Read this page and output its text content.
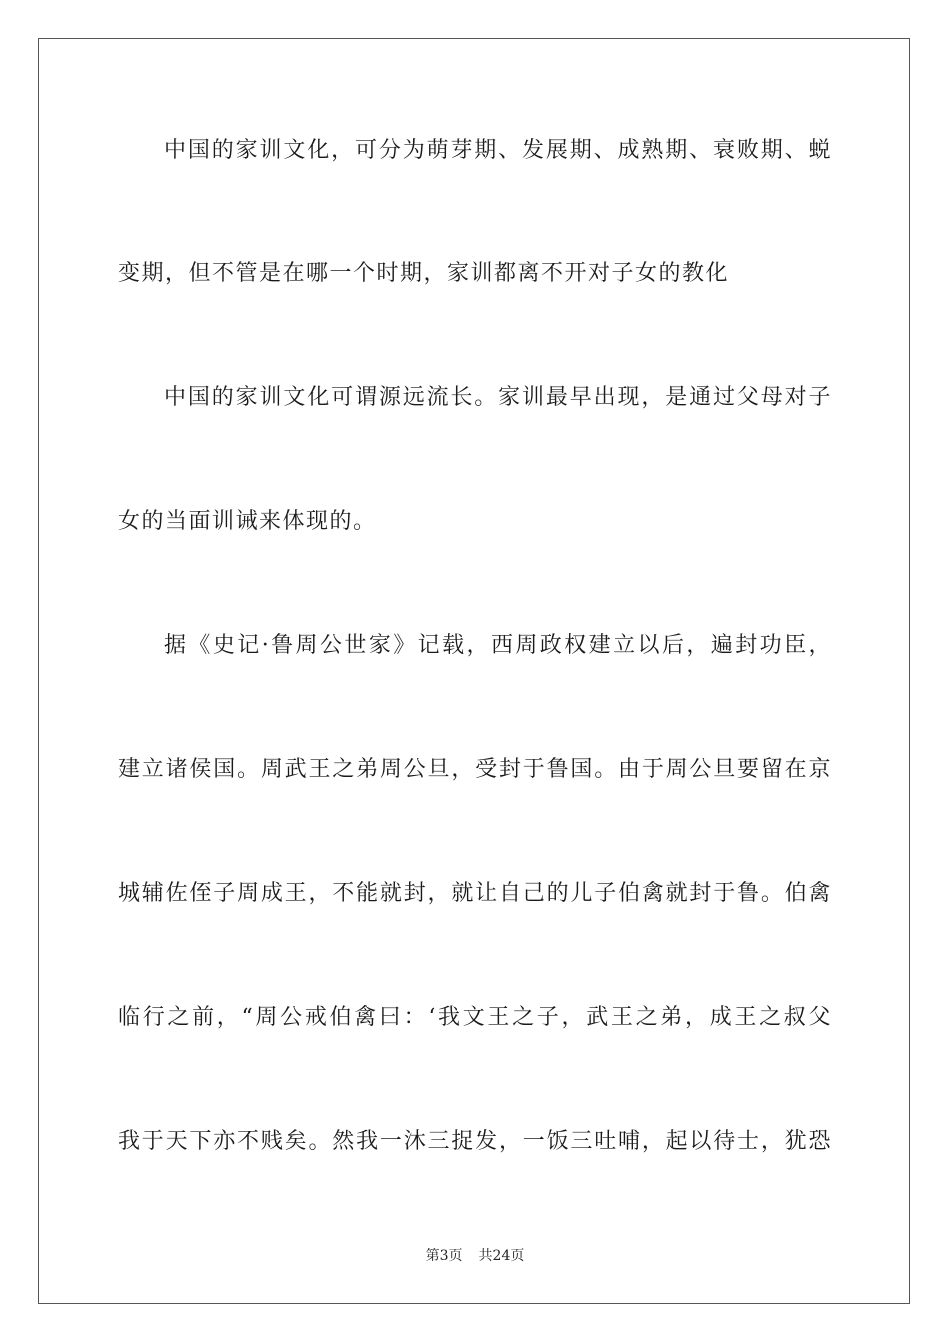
中国的家训文化，可分为萌芽期、发展期、成熟期、衰败期、蜕
变期，但不管是在哪一个时期，家训都离不开对子女的教化
中国的家训文化可谓源远流长。家训最早出现，是通过父母对子
女的当面训诫来体现的。
据《史记·鲁周公世家》记载，西周政权建立以后，遍封功臣，
建立诸侯国。周武王之弟周公旦，受封于鲁国。由于周公旦要留在京
城辅佐侄子周成王，不能就封，就让自己的儿子伯禽就封于鲁。伯禽
临行之前，“周公戒伯禽曰：‘我文王之子，武王之弟，成王之叔父
我于天下亦不贱矣。然我一沐三捉发，一饭三吐哺，起以待士，犹恐
第3页 共24页
